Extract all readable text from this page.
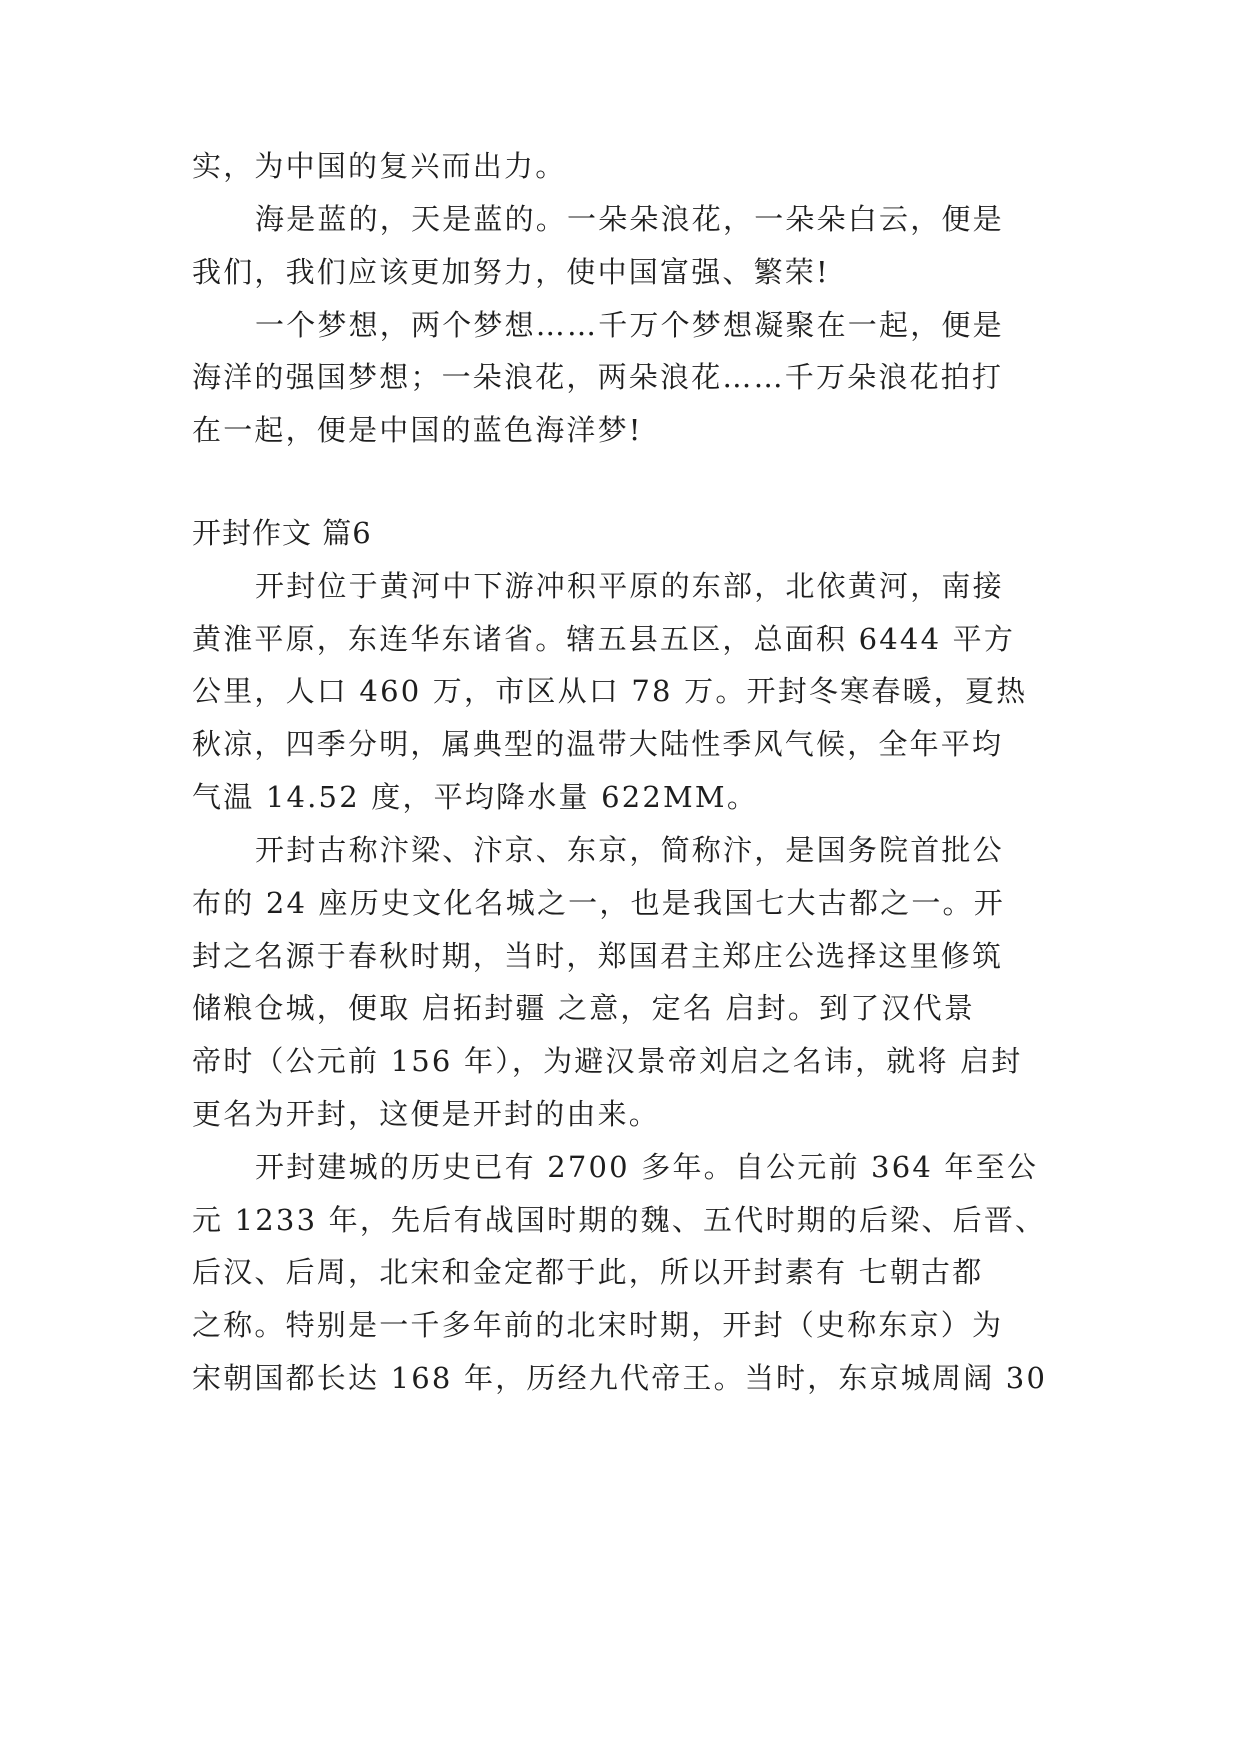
实，为中国的复兴而出力。
海是蓝的，天是蓝的。一朵朵浪花，一朵朵白云，便是
我们，我们应该更加努力，使中国富强、繁荣!
一个梦想，两个梦想……千万个梦想凝聚在一起，便是
海洋的强国梦想；一朵浪花，两朵浪花……千万朵浪花拍打
在一起，便是中国的蓝色海洋梦!
开封作文 篇6
开封位于黄河中下游冲积平原的东部，北依黄河，南接
黄淮平原，东连华东诸省。辖五县五区，总面积 6444 平方
公里，人口 460 万，市区从口 78 万。开封冬寒春暖，夏热
秋凉，四季分明，属典型的温带大陆性季风气候，全年平均
气温 14.52 度，平均降水量 622MM。
开封古称汴梁、汴京、东京，简称汴，是国务院首批公
布的 24 座历史文化名城之一，也是我国七大古都之一。开
封之名源于春秋时期，当时，郑国君主郑庄公选择这里修筑
储粮仓城，便取 启拓封疆 之意，定名 启封。到了汉代景
帝时（公元前 156 年），为避汉景帝刘启之名讳，就将 启封
更名为开封，这便是开封的由来。
开封建城的历史已有 2700 多年。自公元前 364 年至公
元 1233 年，先后有战国时期的魏、五代时期的后梁、后晋、
后汉、后周，北宋和金定都于此，所以开封素有 七朝古都
之称。特别是一千多年前的北宋时期，开封（史称东京）为
宋朝国都长达 168 年，历经九代帝王。当时，东京城周阔 30
